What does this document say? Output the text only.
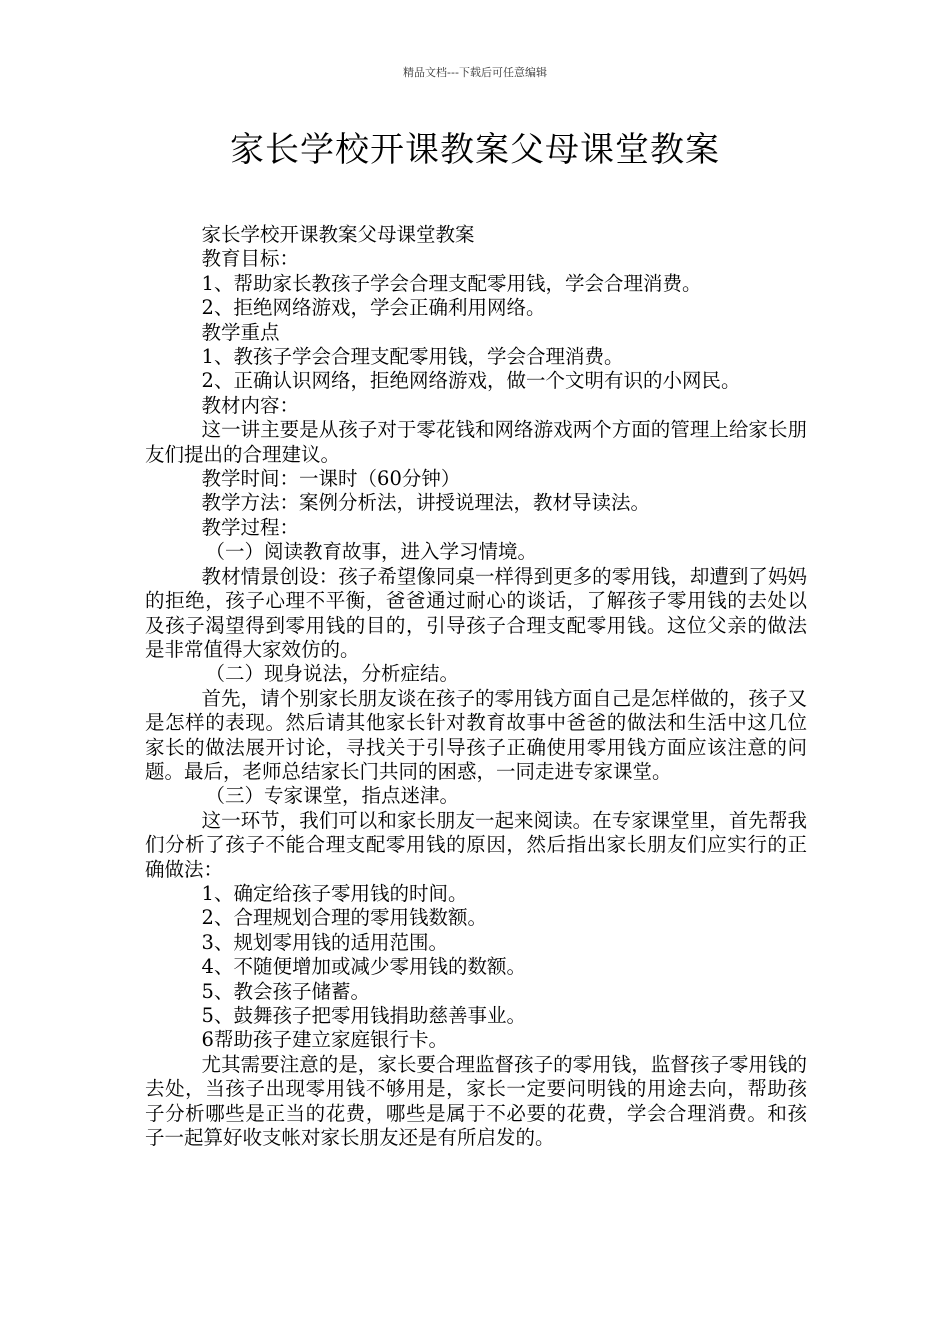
精品文档---下载后可任意编辑
家长学校开课教案父母课堂教案

家长学校开课教案父母课堂教案

教育目标：

1、帮助家长教孩子学会合理支配零用钱，学会合理消费。

2、拒绝网络游戏，学会正确利用网络。

教学重点

1、教孩子学会合理支配零用钱，学会合理消费。

2、正确认识网络，拒绝网络游戏，做一个文明有识的小网民。

教材内容：

这一讲主要是从孩子对于零花钱和网络游戏两个方面的管理上给家长朋友们提出的合理建议。

教学时间：一课时（60分钟）

教学方法：案例分析法，讲授说理法，教材导读法。

教学过程：

（一）阅读教育故事，进入学习情境。

教材情景创设：孩子希望像同桌一样得到更多的零用钱，却遭到了妈妈的拒绝，孩子心理不平衡，爸爸通过耐心的谈话，了解孩子零用钱的去处以及孩子渴望得到零用钱的目的，引导孩子合理支配零用钱。这位父亲的做法是非常值得大家效仿的。

（二）现身说法，分析症结。

首先，请个别家长朋友谈在孩子的零用钱方面自己是怎样做的，孩子又是怎样的表现。然后请其他家长针对教育故事中爸爸的做法和生活中这几位家长的做法展开讨论，寻找关于引导孩子正确使用零用钱方面应该注意的问题。最后，老师总结家长门共同的困惑，一同走进专家课堂。

（三）专家课堂，指点迷津。

这一环节，我们可以和家长朋友一起来阅读。在专家课堂里，首先帮我们分析了孩子不能合理支配零用钱的原因，然后指出家长朋友们应实行的正确做法：

1、确定给孩子零用钱的时间。

2、合理规划合理的零用钱数额。

3、规划零用钱的适用范围。

4、不随便增加或减少零用钱的数额。

5、教会孩子储蓄。

5、鼓舞孩子把零用钱捐助慈善事业。

6帮助孩子建立家庭银行卡。

尤其需要注意的是，家长要合理监督孩子的零用钱，监督孩子零用钱的去处，当孩子出现零用钱不够用是，家长一定要问明钱的用途去向，帮助孩子分析哪些是正当的花费，哪些是属于不必要的花费，学会合理消费。和孩子一起算好收支帐对家长朋友还是有所启发的。
